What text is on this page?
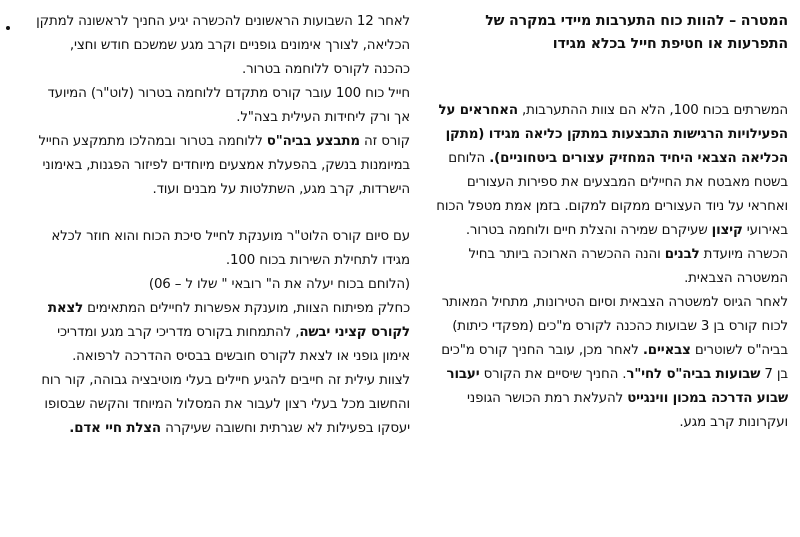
המטרה – להוות כוח התערבות מיידי במקרה של התפרעות או חטיפת חייל בכלא מגידו

המשרתים בכוח 100, הלא הם צוות ההתערבות, האחראים על הפעילויות הרגישות התבצעות במתקן כליאה מגידו (מתקן הכליאה הצבאי היחיד המחזיק עצורים ביטחוניים). הלוחם בשטח מאבטח את החיילים המבצעים את ספירות העצורים ואחראי על ניוד העצורים ממקום למקום. בזמן אמת מטפל הכוח באירועי קיצון שעיקרם שמירה והצלת חיים ולוחמה בטרור. הכשרה מיועדת לבנים והנה ההכשרה הארוכה ביותר בחיל המשטרה הצבאית.

לאחר הגיוס למשטרה הצבאית וסיום הטירונות, מתחיל המאותר לכוח קורס בן 3 שבועות כהכנה לקורס מ"כים (מפקדי כיתות) בביה"ס לשוטרים צבאיים. לאחר מכן, עובר החניך קורס מ"כים בן 7 שבועות בביה"ס לחי"ר. החניך שיסיים את הקורס יעבור שבוע הדרכה במכון ווינגייט להעלאת רמת הכושר הגופני ועקרונות קרב מגע.

לאחר 12 השבועות הראשונים להכשרה יגיע החניך לראשונה למתקן הכליאה, לצורך אימונים גופניים וקרב מגע שמשכם חודש וחצי, כהכנה לקורס ללוחמה בטרור.

חייל כוח 100 עובר קורס מתקדם ללוחמה בטרור (לוט"ר) המיועד אך ורק ליחידות העילית בצה"ל.

קורס זה מתבצע בביה"ס ללוחמה בטרור ובמהלכו מתמקצע החייל במיומנות בנשק, בהפעלת אמצעים מיוחדים לפיזור הפגנות, באימוני הישרדות, קרב מגע, השתלטות על מבנים ועוד.

עם סיום קורס הלוט"ר מוענקת לחייל סיכת הכוח והוא חוזר לכלא מגידו לתחילת השירות בכוח 100.

(הלוחם בכוח יעלה את ה" רובאי " שלו ל – 06)

כחלק מפיתוח הצוות, מוענקת אפשרות לחיילים המתאימים לצאת לקורס קציני יבשה, להתמחות בקורס מדריכי קרב מגע ומדריכי אימון גופני או לצאת לקורס חובשים בבסיס ההדרכה לרפואה.

לצוות עילית זה חייבים להגיע חיילים בעלי מוטיבציה גבוהה, קור רוח והחשוב מכל בעלי רצון לעבור את המסלול המיוחד והקשה שבסופו יעסקו בפעילות לא שגרתית וחשובה שעיקרה הצלת חיי אדם.
